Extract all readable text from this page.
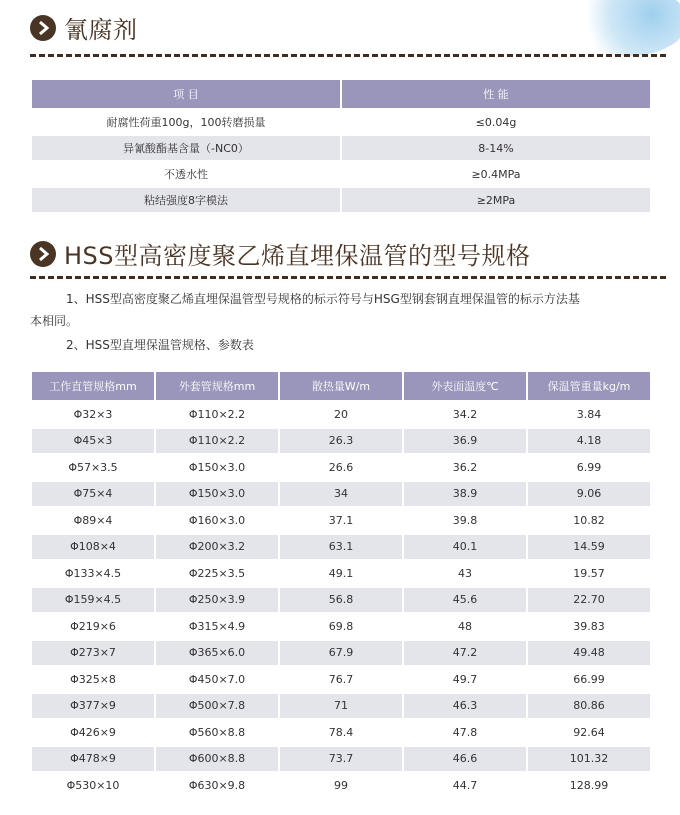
氰腐剂
项 目	性 能
耐腐性荷重100g，100转磨损量	≤0.04g
异氰酸酯基含量（-NC0）	8-14%
不透水性	≥0.4MPa
粘结强度8字模法	≥2MPa
HSS型高密度聚乙烯直埋保温管的型号规格
1、HSS型高密度聚乙烯直埋保温管型号规格的标示符号与HSG型钢套钢直埋保温管的标示方法基
本相同。
2、HSS型直埋保温管规格、参数表
工作直管规格mm	外套管规格mm	散热量W/m	外表面温度℃	保温管重量kg/m
Φ32×3	Φ110×2.2	20	34.2	3.84
Φ45×3	Φ110×2.2	26.3	36.9	4.18
Φ57×3.5	Φ150×3.0	26.6	36.2	6.99
Φ75×4	Φ150×3.0	34	38.9	9.06
Φ89×4	Φ160×3.0	37.1	39.8	10.82
Φ108×4	Φ200×3.2	63.1	40.1	14.59
Φ133×4.5	Φ225×3.5	49.1	43	19.57
Φ159×4.5	Φ250×3.9	56.8	45.6	22.70
Φ219×6	Φ315×4.9	69.8	48	39.83
Φ273×7	Φ365×6.0	67.9	47.2	49.48
Φ325×8	Φ450×7.0	76.7	49.7	66.99
Φ377×9	Φ500×7.8	71	46.3	80.86
Φ426×9	Φ560×8.8	78.4	47.8	92.64
Φ478×9	Φ600×8.8	73.7	46.6	101.32
Φ530×10	Φ630×9.8	99	44.7	128.99
